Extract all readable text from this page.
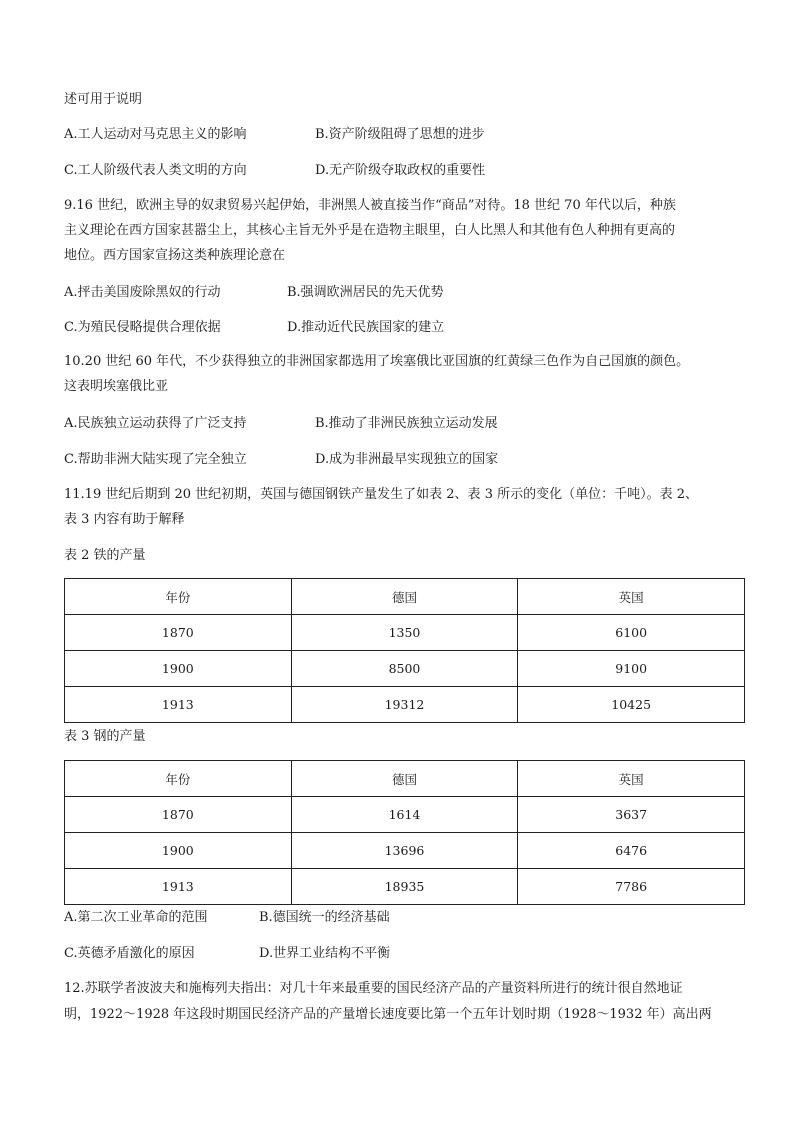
述可用于说明
A.工人运动对马克思主义的影响	B.资产阶级阻碍了思想的进步
C.工人阶级代表人类文明的方向	D.无产阶级夺取政权的重要性
9.16 世纪，欧洲主导的奴隶贸易兴起伊始，非洲黑人被直接当作“商品”对待。18 世纪 70 年代以后，种族
主义理论在西方国家甚嚣尘上，其核心主旨无外乎是在造物主眼里，白人比黑人和其他有色人种拥有更高的
地位。西方国家宣扬这类种族理论意在
A.抨击美国废除黑奴的行动	B.强调欧洲居民的先天优势
C.为殖民侵略提供合理依据	D.推动近代民族国家的建立
10.20 世纪 60 年代，不少获得独立的非洲国家都选用了埃塞俄比亚国旗的红黄绿三色作为自己国旗的颜色。
这表明埃塞俄比亚
A.民族独立运动获得了广泛支持	B.推动了非洲民族独立运动发展
C.帮助非洲大陆实现了完全独立	D.成为非洲最早实现独立的国家
11.19 世纪后期到 20 世纪初期，英国与德国钢铁产量发生了如表 2、表 3 所示的变化（单位：千吨）。表 2、
表 3 内容有助于解释
表 2 铁的产量
年份	德国	英国
1870	1350	6100
1900	8500	9100
1913	19312	10425
表 3 钢的产量
年份	德国	英国
1870	1614	3637
1900	13696	6476
1913	18935	7786
A.第二次工业革命的范围	B.德国统一的经济基础
C.英德矛盾激化的原因	D.世界工业结构不平衡
12.苏联学者波波夫和施梅列夫指出：对几十年来最重要的国民经济产品的产量资料所进行的统计很自然地证
明，1922～1928 年这段时期国民经济产品的产量增长速度要比第一个五年计划时期（1928～1932 年）高出两
